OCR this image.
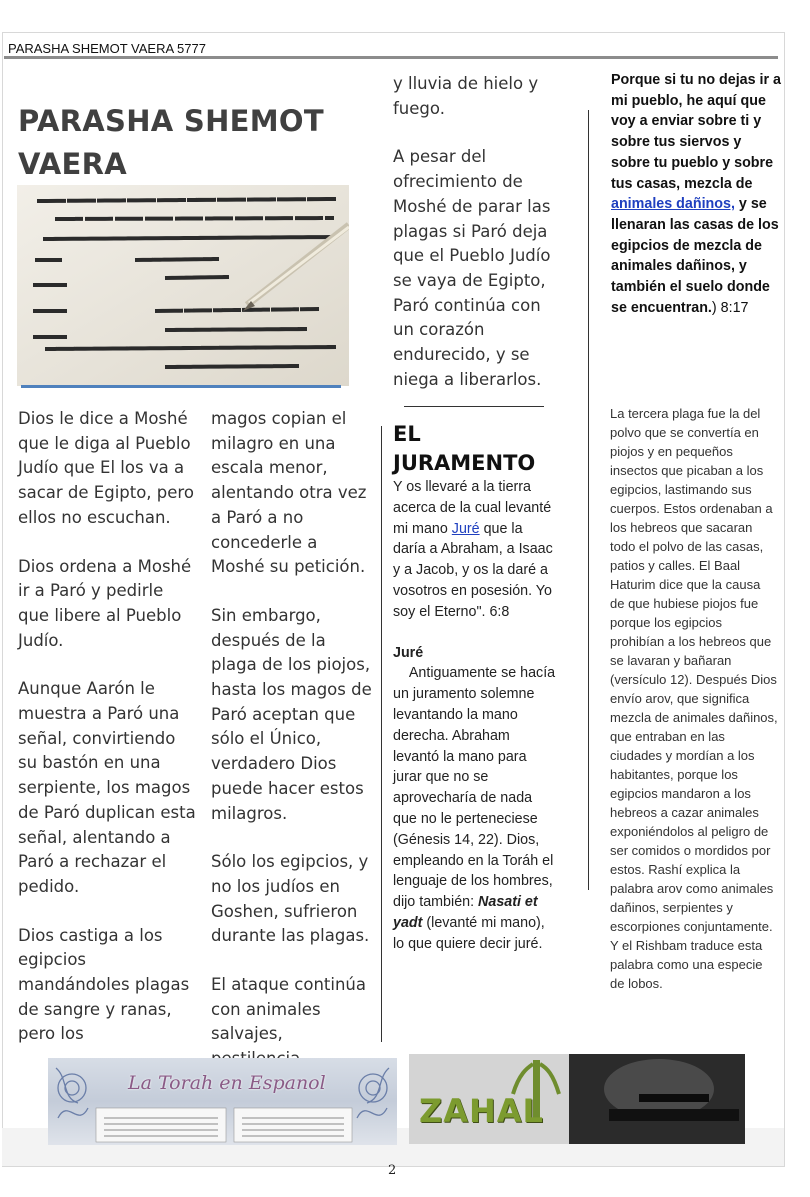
PARASHA SHEMOT VAERA 5777
PARASHA SHEMOT
VAERA

Dios le dice a Moshé que le diga al Pueblo Judío que El los va a sacar de Egipto, pero ellos no escuchan.

Dios ordena a Moshé ir a Paró y pedirle que libere al Pueblo Judío.

Aunque Aarón le muestra a Paró una señal, convirtiendo su bastón en una serpiente, los magos de Paró duplican esta señal, alentando a Paró a rechazar el pedido.

Dios castiga a los egipcios mandándoles plagas de sangre y ranas, pero los

magos copian el milagro en una escala menor, alentando otra vez a Paró a no concederle a Moshé su petición.

Sin embargo, después de la plaga de los piojos, hasta los magos de Paró aceptan que sólo el Único, verdadero Dios puede hacer estos milagros.

Sólo los egipcios, y no los judíos en Goshen, sufrieron durante las plagas.

El ataque continúa con animales salvajes,

y lluvia de hielo y fuego.

A pesar del ofrecimiento de Moshé de parar las plagas si Paró deja que el Pueblo Judío se vaya de Egipto, Paró continúa con un corazón endurecido, y se niega a liberarlos.

EL
JURAMENTO

Y os llevaré a la tierra acerca de la cual levanté mi mano Juré que la daría a Abraham, a Isaac y a Jacob, y os la daré a vosotros en posesión. Yo soy el Eterno". 6:8

Juré
Antiguamente se hacía un juramento solemne levantando la mano derecha. Abraham levantó la mano para jurar que no se aprovecharía de nada que no le perteneciese (Génesis 14, 22). Dios, empleando en la Toráh el lenguaje de los hombres, dijo también: Nasati et yadt (levanté mi mano), lo que quiere decir juré.

Porque si tu no dejas ir a mi pueblo, he aquí que voy a enviar sobre ti y sobre tus siervos y sobre tu pueblo y sobre tus casas, mezcla de animales dañinos, y se llenaran las casas de los egipcios de mezcla de animales dañinos, y también el suelo donde se encuentran.) 8:17
La tercera plaga fue la del polvo que se convertía en piojos y en pequeños insectos que picaban a los egipcios, lastimando sus cuerpos. Estos ordenaban a los hebreos que sacaran todo el polvo de las casas, patios y calles. El Baal Haturim dice que la causa de que hubiese piojos fue porque los egipcios prohibían a los hebreos que se lavaran y bañaran (versículo 12). Después Dios envío arov, que significa mezcla de animales dañinos, que entraban en las ciudades y mordían a los habitantes, porque los egipcios mandaron a los hebreos a cazar animales exponiéndolos al peligro de ser comidos o mordidos por estos. Rashí explica la palabra arov como animales dañinos, serpientes y escorpiones conjuntamente. Y el Rishbam traduce esta palabra como una especie de lobos.
La Torah en Espanol
ZAHAL
2
